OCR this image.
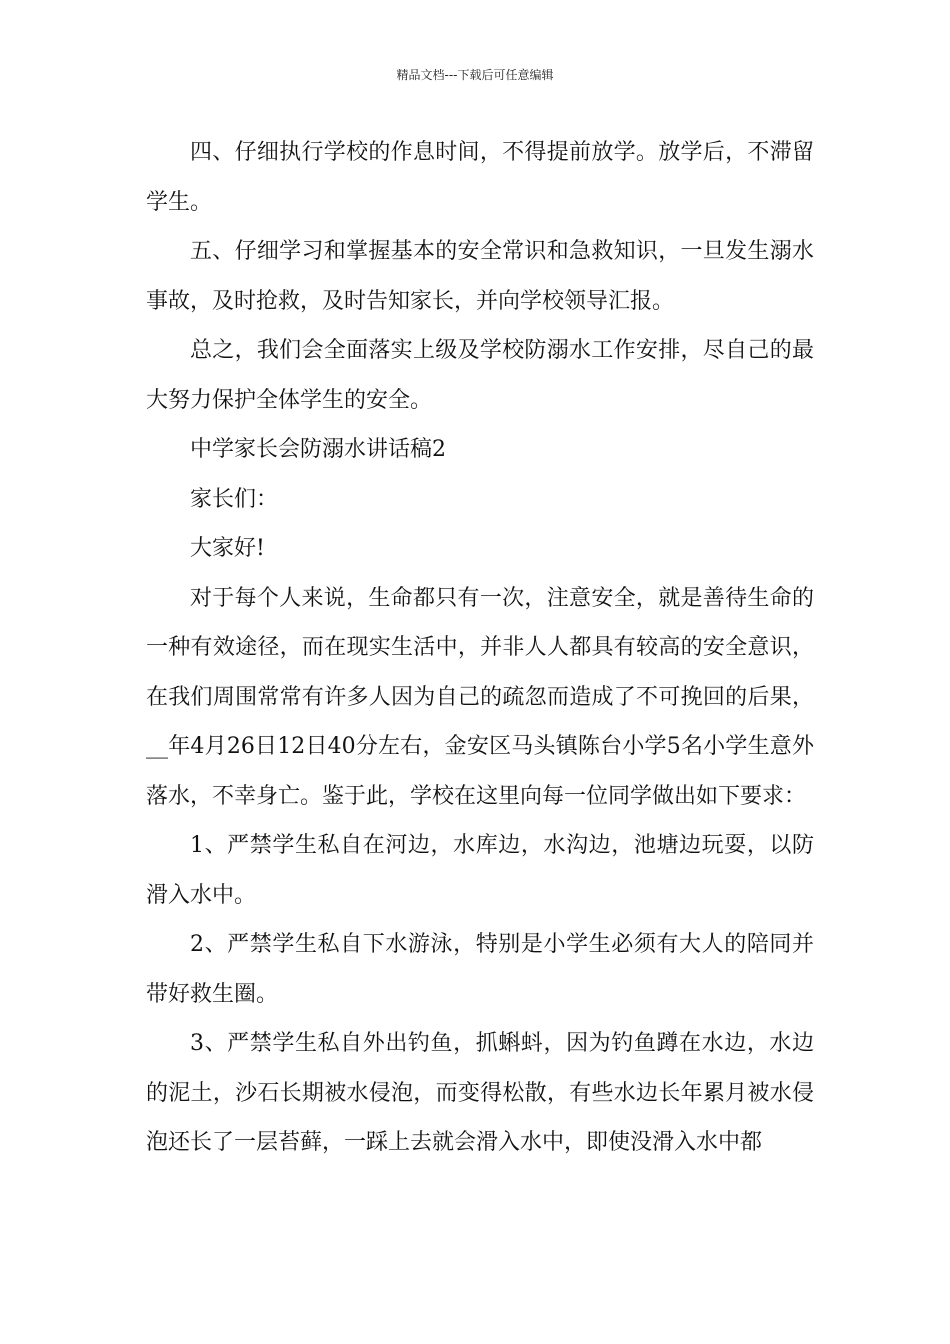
精品文档---下载后可任意编辑

四、仔细执行学校的作息时间，不得提前放学。放学后，不滞留学生。

五、仔细学习和掌握基本的安全常识和急救知识，一旦发生溺水事故，及时抢救，及时告知家长，并向学校领导汇报。

总之，我们会全面落实上级及学校防溺水工作安排，尽自己的最大努力保护全体学生的安全。

中学家长会防溺水讲话稿2

家长们：

大家好!

对于每个人来说，生命都只有一次，注意安全，就是善待生命的一种有效途径，而在现实生活中，并非人人都具有较高的安全意识，在我们周围常常有许多人因为自己的疏忽而造成了不可挽回的后果，__年4月26日12日40分左右，金安区马头镇陈台小学5名小学生意外落水，不幸身亡。鉴于此，学校在这里向每一位同学做出如下要求：

1、严禁学生私自在河边，水库边，水沟边，池塘边玩耍，以防滑入水中。

2、严禁学生私自下水游泳，特别是小学生必须有大人的陪同并带好救生圈。

3、严禁学生私自外出钓鱼，抓蝌蚪，因为钓鱼蹲在水边，水边的泥土，沙石长期被水侵泡，而变得松散，有些水边长年累月被水侵泡还长了一层苔藓，一踩上去就会滑入水中，即使没滑入水中都
